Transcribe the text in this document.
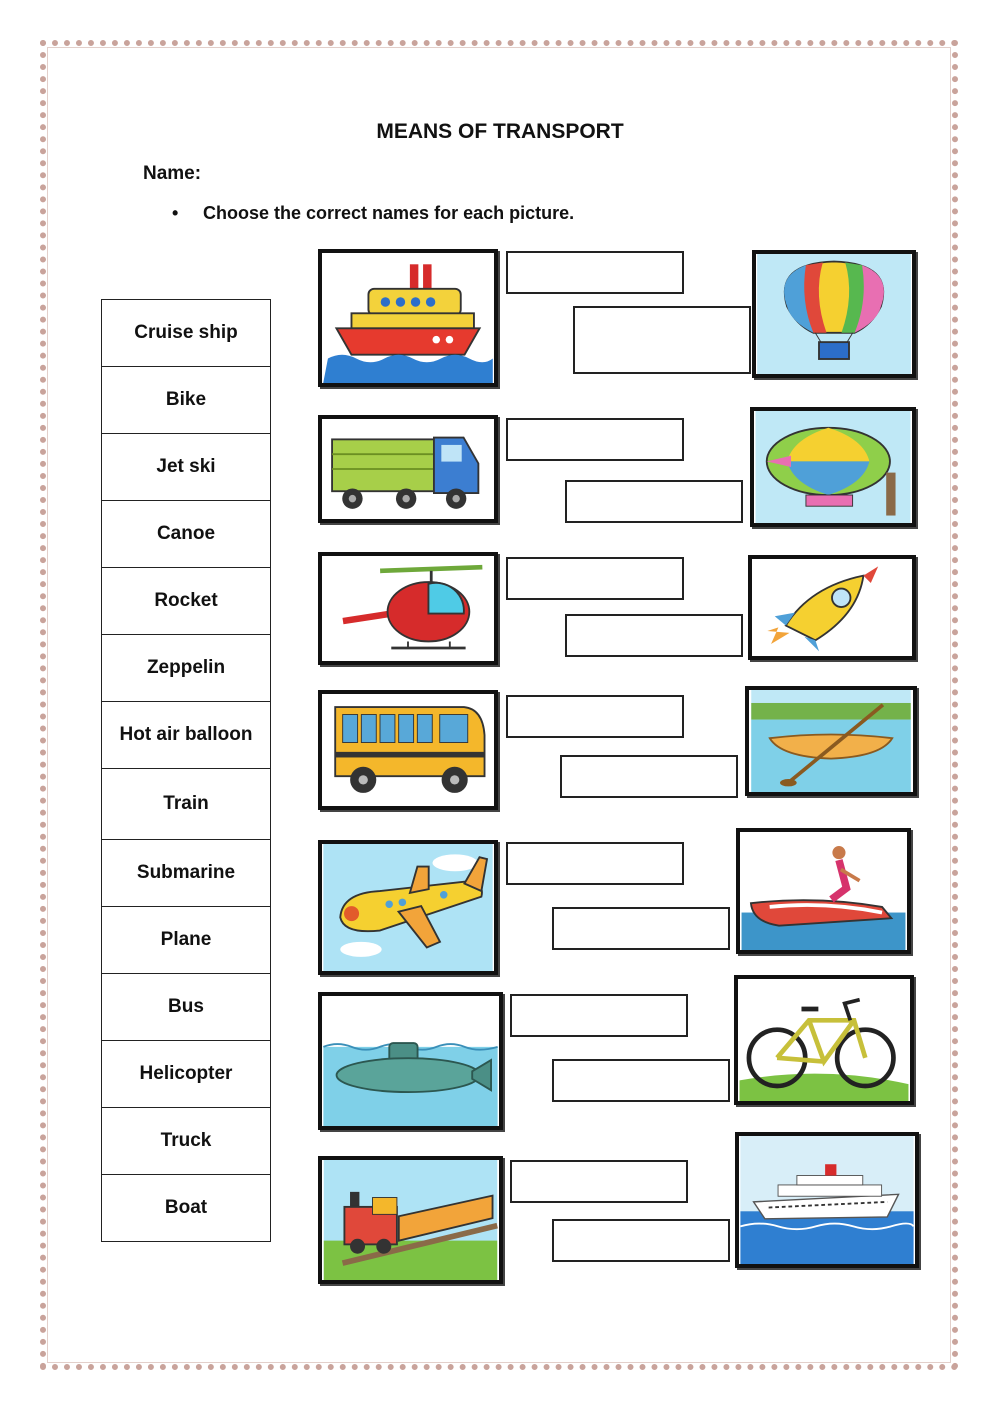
MEANS OF TRANSPORT
Name:
• Choose the correct names for each picture.
Cruise ship
Bike
Jet ski
Canoe
Rocket
Zeppelin
Hot air balloon
Train
Submarine
Plane
Bus
Helicopter
Truck
Boat
